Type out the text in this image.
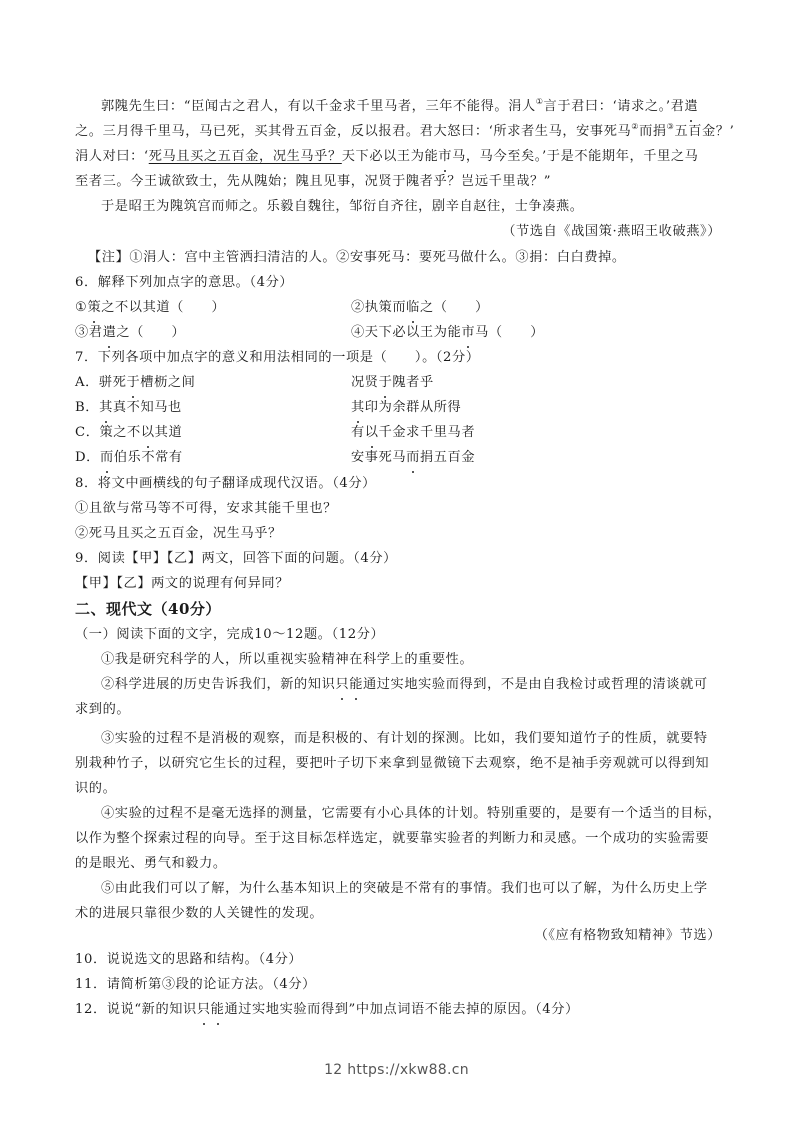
郭隗先生曰：“臣闻古之君人，有以千金求千里马者，三年不能得。涓人①言于君曰：‘请求之。’君遣
之。三月得千里马，马已死，买其骨五百金，反以报君。君大怒曰：‘所求者生马，安事死马②而捐③五百金？’
涓人对曰：‘死马且买之五百金，况生马乎？天下必以王为能市马，马今至矣。’于是不能期年，千里之马
至者三。今王诚欲致士，先从隗始；隗且见事，况贤于隗者乎？岂远千里哉？”
于是昭王为隗筑宫而师之。乐毅自魏往，邹衍自齐往，剧辛自赵往，士争凑燕。
（节选自《战国策·燕昭王收破燕》）
【注】①涓人：宫中主管洒扫清洁的人。②安事死马：要死马做什么。③捐：白白费掉。
6．解释下列加点字的意思。（4分）
①策之不以其道（　　）	②执策而临之（　　）
③君遣之（　　）	④天下必以王为能市马（　　）
7．下列各项中加点字的意义和用法相同的一项是（　　）。（2分）
A．骈死于槽枥之间	况贤于隗者乎
B．其真不知马也	其印为余群从所得
C．策之不以其道	有以千金求千里马者
D．而伯乐不常有	安事死马而捐五百金
8．将文中画横线的句子翻译成现代汉语。（4分）
①且欲与常马等不可得，安求其能千里也？
②死马且买之五百金，况生马乎？
9．阅读【甲】【乙】两文，回答下面的问题。（4分）
【甲】【乙】两文的说理有何异同？
二、现代文（40分）
（一）阅读下面的文字，完成10～12题。（12分）
①我是研究科学的人，所以重视实验精神在科学上的重要性。
②科学进展的历史告诉我们，新的知识只能通过实地实验而得到，不是由自我检讨或哲理的清谈就可
求到的。
③实验的过程不是消极的观察，而是积极的、有计划的探测。比如，我们要知道竹子的性质，就要特
别栽种竹子，以研究它生长的过程，要把叶子切下来拿到显微镜下去观察，绝不是袖手旁观就可以得到知
识的。
④实验的过程不是毫无选择的测量，它需要有小心具体的计划。特别重要的，是要有一个适当的目标，
以作为整个探索过程的向导。至于这目标怎样选定，就要靠实验者的判断力和灵感。一个成功的实验需要
的是眼光、勇气和毅力。
⑤由此我们可以了解，为什么基本知识上的突破是不常有的事情。我们也可以了解，为什么历史上学
术的进展只靠很少数的人关键性的发现。
（《应有格物致知精神》节选）
10．说说选文的思路和结构。（4分）
11．请简析第③段的论证方法。（4分）
12．说说“新的知识只能通过实地实验而得到”中加点词语不能去掉的原因。（4分）
12 https://xkw88.cn
